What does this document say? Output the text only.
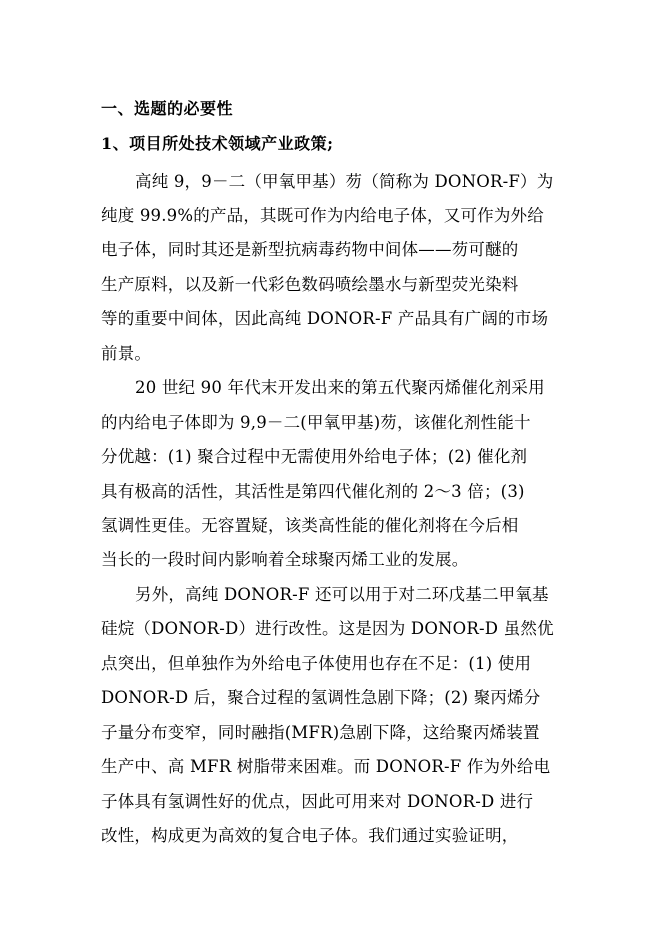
一、选题的必要性
1、项目所处技术领域产业政策;
高纯 9，9－二（甲氧甲基）芴（简称为 DONOR-F）为
纯度 99.9%的产品，其既可作为内给电子体，又可作为外给
电子体，同时其还是新型抗病毒药物中间体——芴可醚的
生产原料，以及新一代彩色数码喷绘墨水与新型荧光染料
等的重要中间体，因此高纯 DONOR-F 产品具有广阔的市场
前景。
20 世纪 90 年代末开发出来的第五代聚丙烯催化剂采用
的内给电子体即为 9,9－二(甲氧甲基)芴，该催化剂性能十
分优越：(1) 聚合过程中无需使用外给电子体；(2) 催化剂
具有极高的活性，其活性是第四代催化剂的 2～3 倍；(3)
氢调性更佳。无容置疑，该类高性能的催化剂将在今后相
当长的一段时间内影响着全球聚丙烯工业的发展。
另外，高纯 DONOR-F 还可以用于对二环戊基二甲氧基
硅烷（DONOR-D）进行改性。这是因为 DONOR-D 虽然优
点突出，但单独作为外给电子体使用也存在不足：(1) 使用
DONOR-D 后，聚合过程的氢调性急剧下降；(2) 聚丙烯分
子量分布变窄，同时融指(MFR)急剧下降，这给聚丙烯装置
生产中、高 MFR 树脂带来困难。而 DONOR-F 作为外给电
子体具有氢调性好的优点，因此可用来对 DONOR-D 进行
改性，构成更为高效的复合电子体。我们通过实验证明，
